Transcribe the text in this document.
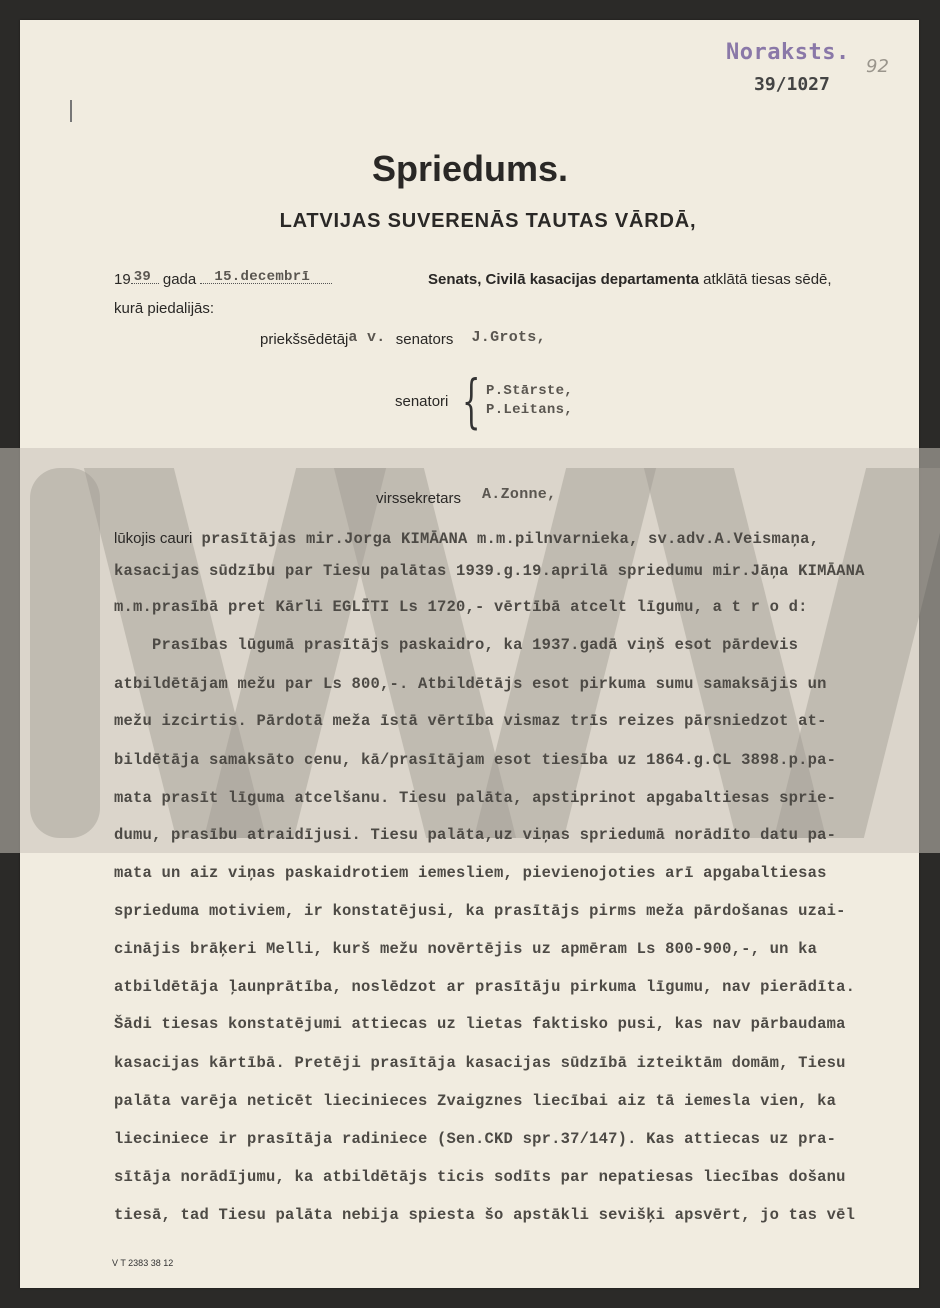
Noraksts.
92
39/1027
Spriedums.
LATVIJAS SUVERENĀS TAUTAS VĀRDĀ,
19 39 gada 15.decembrī	Senats, Civilā kasacijas departamenta atklātā tiesas sēdē,
kurā piedalijās:
priekšsēdētāja v. senators J.Grots,
senatori { P.Stārste,
P.Leitans,
virssekretars A.Zonne,
lūkojis cauri prasītājas mir.Jorga KIMĀANA m.m.pilnvarnieka, sv.adv.A.Veismaņa,
kasacijas sūdzību par Tiesu palātas 1939.g.19.aprilā spriedumu mir.Jāņa KIMĀANA
m.m.prasībā pret Kārli EGLĪTI Ls 1720,- vērtībā atcelt līgumu, a t r o d:
Prasības lūgumā prasītājs paskaidro, ka 1937.gadā viņš esot pārdevis
atbildētājam mežu par Ls 800,-. Atbildētājs esot pirkuma sumu samaksājis un
mežu izcirtis. Pārdotā meža īstā vērtība vismaz trīs reizes pārsniedzot at-
bildētāja samaksāto cenu, kā/prasītājam esot tiesība uz 1864.g.CL 3898.p.pa-
mata prasīt līguma atcelšanu. Tiesu palāta, apstiprinot apgabaltiesas sprie-
dumu, prasību atraidījusi. Tiesu palāta,uz viņas spriedumā norādīto datu pa-
mata un aiz viņas paskaidrotiem iemesliem, pievienojoties arī apgabaltiesas
sprieduma motiviem, ir konstatējusi, ka prasītājs pirms meža pārdošanas uzai-
cinājis brāķeri Melli, kurš mežu novērtējis uz apmēram Ls 800-900,-, un ka
atbildētāja ļaunprātība, noslēdzot ar prasītāju pirkuma līgumu, nav pierādīta.
Šādi tiesas konstatējumi attiecas uz lietas faktisko pusi, kas nav pārbaudama
kasacijas kārtībā. Pretēji prasītāja kasacijas sūdzībā izteiktām domām, Tiesu
palāta varēja neticēt liecinieces Zvaigznes liecībai aiz tā iemesla vien, ka
lieciniece ir prasītāja radiniece (Sen.CKD spr.37/147). Kas attiecas uz pra-
sītāja norādījumu, ka atbildētājs ticis sodīts par nepatiesas liecības došanu
tiesā, tad Tiesu palāta nebija spiesta šo apstākli sevišķi apsvērt, jo tas vēl
V T 2383 38 12
